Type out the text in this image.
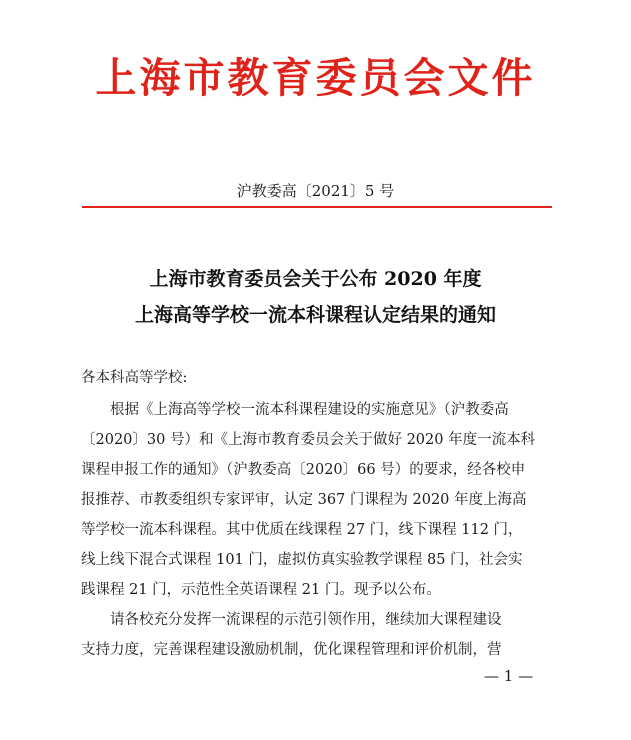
上海市教育委员会文件
沪教委高〔2021〕5 号
上海市教育委员会关于公布 2020 年度
上海高等学校一流本科课程认定结果的通知
各本科高等学校:
根据《上海高等学校一流本科课程建设的实施意见》（沪教委高
〔2020〕30 号）和《上海市教育委员会关于做好 2020 年度一流本科
课程申报工作的通知》（沪教委高〔2020〕66 号）的要求，经各校申
报推荐、市教委组织专家评审，认定 367 门课程为 2020 年度上海高
等学校一流本科课程。其中优质在线课程 27 门，线下课程 112 门，
线上线下混合式课程 101 门，虚拟仿真实验教学课程 85 门，社会实
践课程 21 门，示范性全英语课程 21 门。现予以公布。
请各校充分发挥一流课程的示范引领作用，继续加大课程建设
支持力度，完善课程建设激励机制，优化课程管理和评价机制，营
— 1 —
